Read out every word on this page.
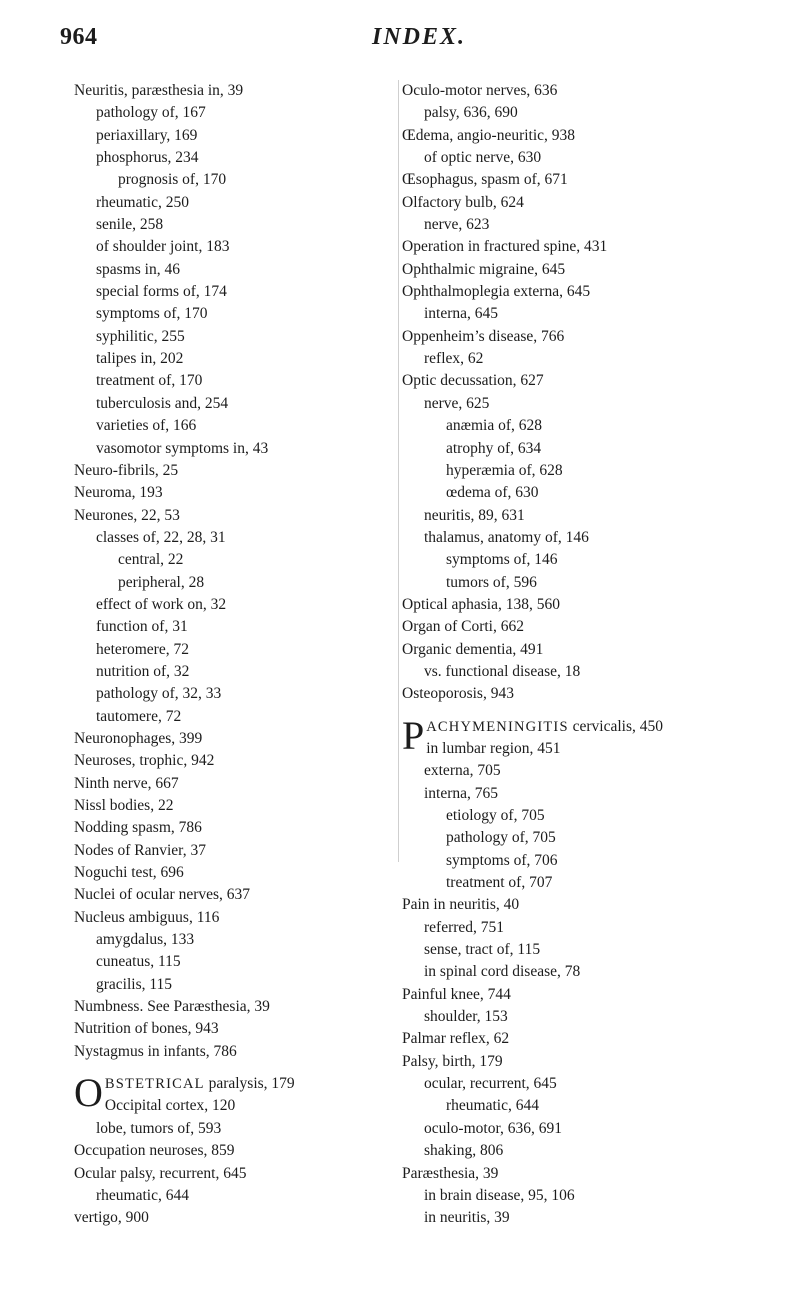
964	INDEX.
Neuritis, paræsthesia in, 39
pathology of, 167
periaxillary, 169
phosphorus, 234
prognosis of, 170
rheumatic, 250
senile, 258
of shoulder joint, 183
spasms in, 46
special forms of, 174
symptoms of, 170
syphilitic, 255
talipes in, 202
treatment of, 170
tuberculosis and, 254
varieties of, 166
vasomotor symptoms in, 43
Neuro-fibrils, 25
Neuroma, 193
Neurones, 22, 53
classes of, 22, 28, 31
central, 22
peripheral, 28
effect of work on, 32
function of, 31
heteromere, 72
nutrition of, 32
pathology of, 32, 33
tautomere, 72
Neuronophages, 399
Neuroses, trophic, 942
Ninth nerve, 667
Nissl bodies, 22
Nodding spasm, 786
Nodes of Ranvier, 37
Noguchi test, 696
Nuclei of ocular nerves, 637
Nucleus ambiguus, 116
amygdalus, 133
cuneatus, 115
gracilis, 115
Numbness. See Paræsthesia, 39
Nutrition of bones, 943
Nystagmus in infants, 786
O BSTETRICAL paralysis, 179
Occipital cortex, 120
lobe, tumors of, 593
Occupation neuroses, 859
Ocular palsy, recurrent, 645
rheumatic, 644
vertigo, 900
Oculo-motor nerves, 636
palsy, 636, 690
Œdema, angio-neuritic, 938
of optic nerve, 630
Œsophagus, spasm of, 671
Olfactory bulb, 624
nerve, 623
Operation in fractured spine, 431
Ophthalmic migraine, 645
Ophthalmoplegia externa, 645
interna, 645
Oppenheim’s disease, 766
reflex, 62
Optic decussation, 627
nerve, 625
anæmia of, 628
atrophy of, 634
hyperæmia of, 628
œdema of, 630
neuritis, 89, 631
thalamus, anatomy of, 146
symptoms of, 146
tumors of, 596
Optical aphasia, 138, 560
Organ of Corti, 662
Organic dementia, 491
vs. functional disease, 18
Osteoporosis, 943
P ACHYMENINGITIS cervicalis, 450
in lumbar region, 451
externa, 705
interna, 765
etiology of, 705
pathology of, 705
symptoms of, 706
treatment of, 707
Pain in neuritis, 40
referred, 751
sense, tract of, 115
in spinal cord disease, 78
Painful knee, 744
shoulder, 153
Palmar reflex, 62
Palsy, birth, 179
ocular, recurrent, 645
rheumatic, 644
oculo-motor, 636, 691
shaking, 806
Paræsthesia, 39
in brain disease, 95, 106
in neuritis, 39
